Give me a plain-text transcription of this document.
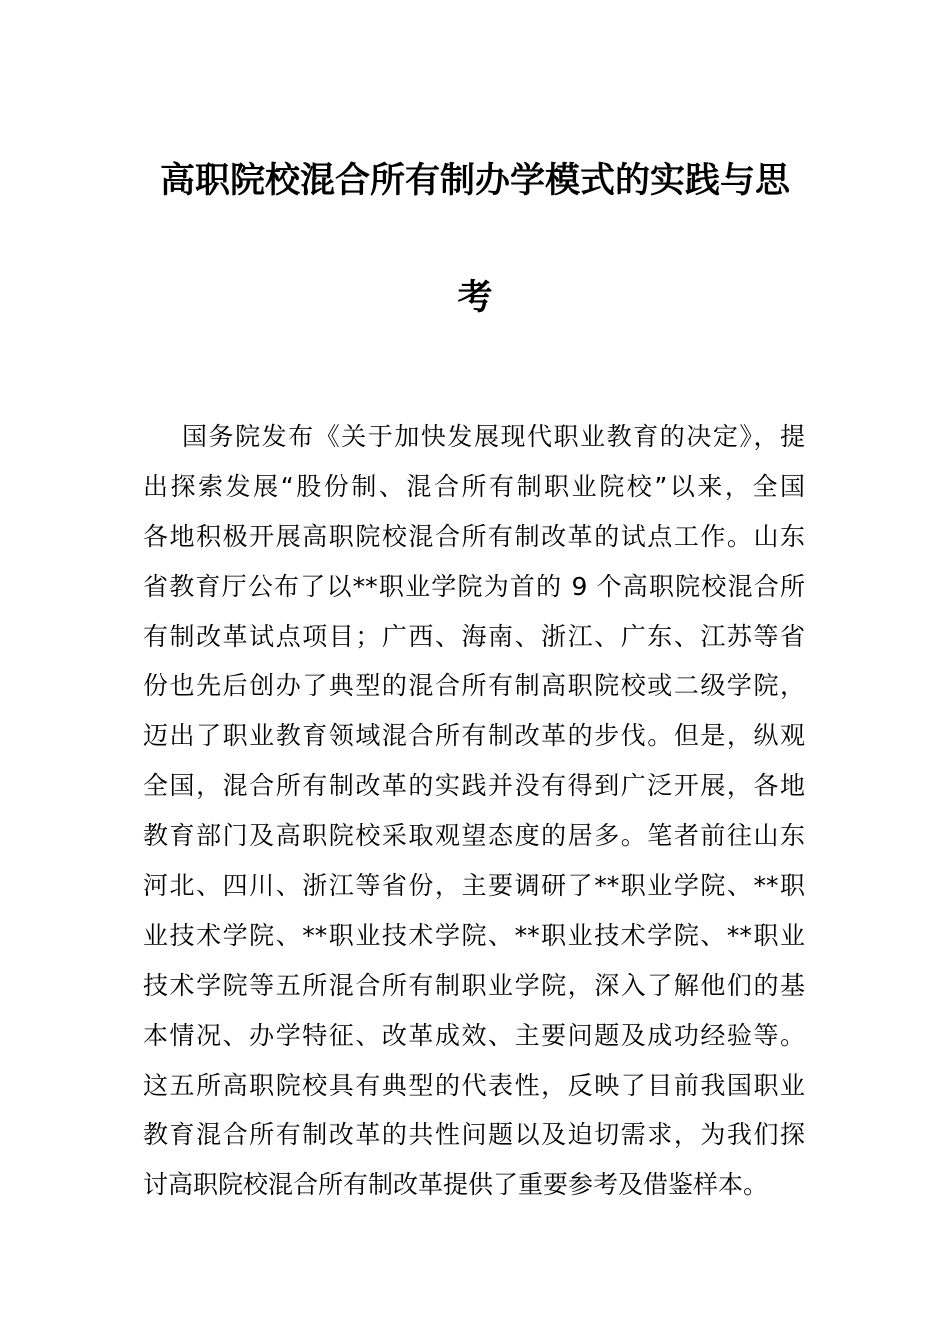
高职院校混合所有制办学模式的实践与思
考
国务院发布《关于加快发展现代职业教育的决定》，提
出探索发展“股份制、混合所有制职业院校”以来，全国
各地积极开展高职院校混合所有制改革的试点工作。山东
省教育厅公布了以**职业学院为首的 9 个高职院校混合所
有制改革试点项目；广西、海南、浙江、广东、江苏等省
份也先后创办了典型的混合所有制高职院校或二级学院，
迈出了职业教育领域混合所有制改革的步伐。但是，纵观
全国，混合所有制改革的实践并没有得到广泛开展，各地
教育部门及高职院校采取观望态度的居多。笔者前往山东
河北、四川、浙江等省份，主要调研了**职业学院、**职
业技术学院、**职业技术学院、**职业技术学院、**职业
技术学院等五所混合所有制职业学院，深入了解他们的基
本情况、办学特征、改革成效、主要问题及成功经验等。
这五所高职院校具有典型的代表性，反映了目前我国职业
教育混合所有制改革的共性问题以及迫切需求，为我们探
讨高职院校混合所有制改革提供了重要参考及借鉴样本。
